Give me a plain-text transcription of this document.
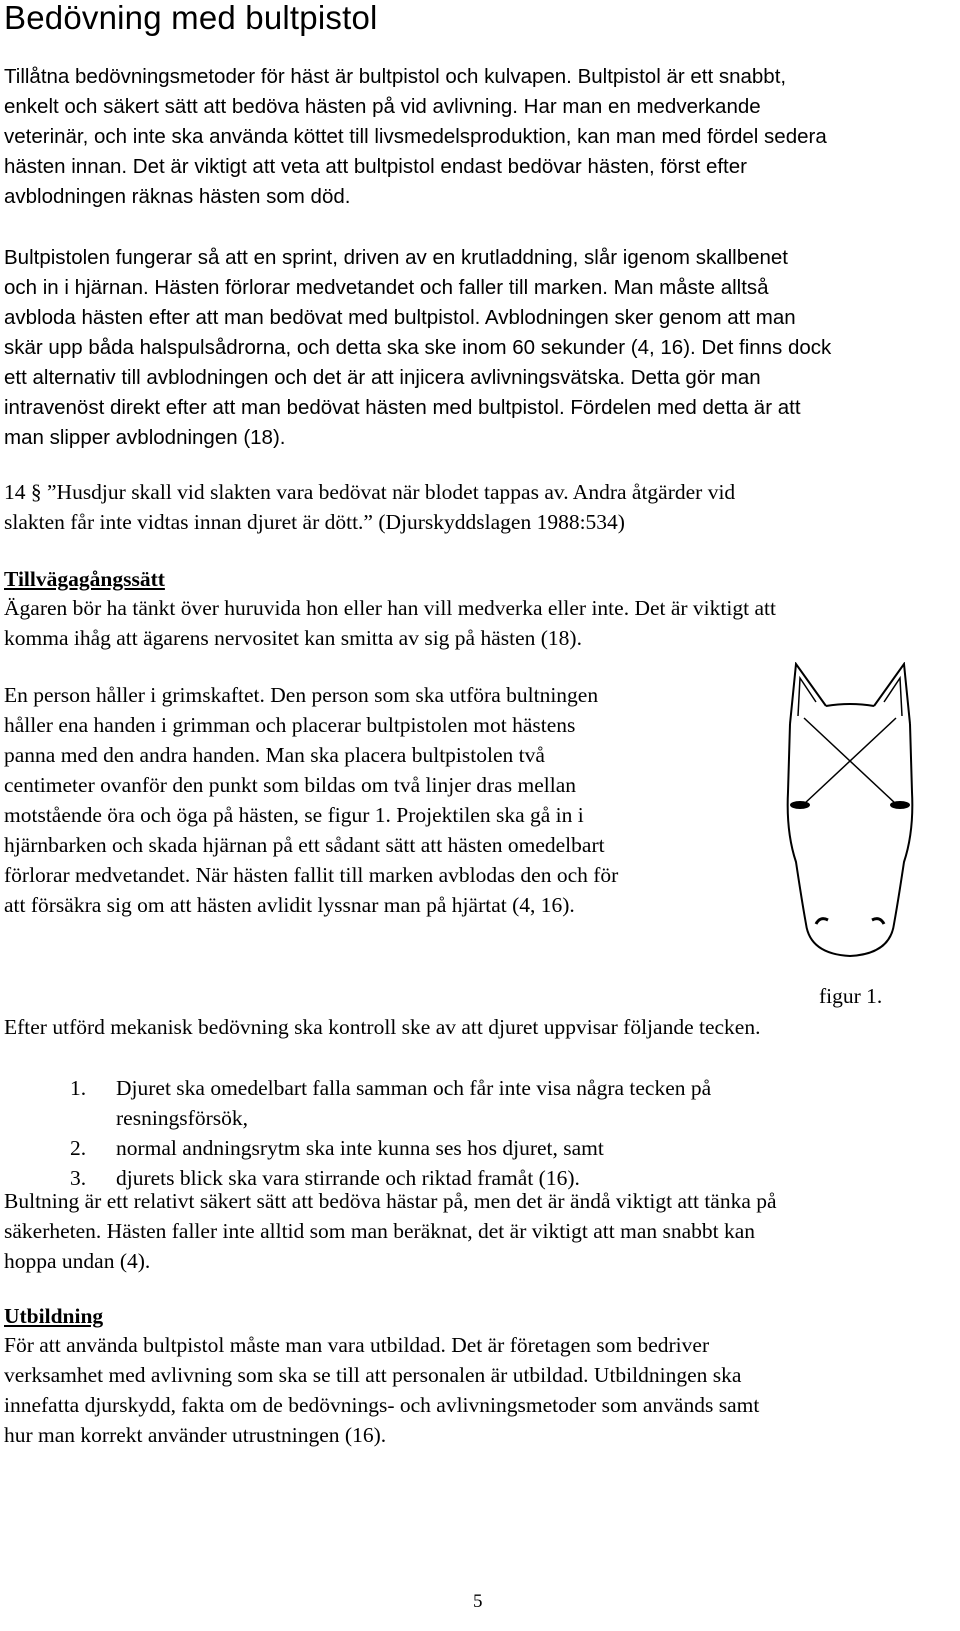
Bedövning med bultpistol
Tillåtna bedövningsmetoder för häst är bultpistol och kulvapen. Bultpistol är ett snabbt,
enkelt och säkert sätt att bedöva hästen på vid avlivning. Har man en medverkande
veterinär, och inte ska använda köttet till livsmedelsproduktion, kan man med fördel sedera
hästen innan. Det är viktigt att veta att bultpistol endast bedövar hästen, först efter
avblodningen räknas hästen som död.
Bultpistolen fungerar så att en sprint, driven av en krutladdning, slår igenom skallbenet
och in i hjärnan. Hästen förlorar medvetandet och faller till marken. Man måste alltså
avbloda hästen efter att man bedövat med bultpistol. Avblodningen sker genom att man
skär upp båda halspulsådrorna, och detta ska ske inom 60 sekunder (4, 16). Det finns dock
ett alternativ till avblodningen och det är att injicera avlivningsvätska. Detta gör man
intravenöst direkt efter att man bedövat hästen med bultpistol. Fördelen med detta är att
man slipper avblodningen (18).
14 § ”Husdjur skall vid slakten vara bedövat när blodet tappas av. Andra åtgärder vid
slakten får inte vidtas innan djuret är dött.” (Djurskyddslagen 1988:534)
Tillvägagångssätt
Ägaren bör ha tänkt över huruvida hon eller han vill medverka eller inte. Det är viktigt att
komma ihåg att ägarens nervositet kan smitta av sig på hästen (18).
En person håller i grimskaftet. Den person som ska utföra bultningen
håller ena handen i grimman och placerar bultpistolen mot hästens
panna med den andra handen. Man ska placera bultpistolen två
centimeter ovanför den punkt som bildas om två linjer dras mellan
motstående öra och öga på hästen, se figur 1. Projektilen ska gå in i
hjärnbarken och skada hjärnan på ett sådant sätt att hästen omedelbart
förlorar medvetandet. När hästen fallit till marken avblodas den och för
att försäkra sig om att hästen avlidit lyssnar man på hjärtat (4, 16).
figur 1.
Efter utförd mekanisk bedövning ska kontroll ske av att djuret uppvisar följande tecken.
1.	Djuret ska omedelbart falla samman och får inte visa några tecken på
resningsförsök,
2.	normal andningsrytm ska inte kunna ses hos djuret, samt
3.	djurets blick ska vara stirrande och riktad framåt (16).
Bultning är ett relativt säkert sätt att bedöva hästar på, men det är ändå viktigt att tänka på
säkerheten. Hästen faller inte alltid som man beräknat, det är viktigt att man snabbt kan
hoppa undan (4).
Utbildning
För att använda bultpistol måste man vara utbildad. Det är företagen som bedriver
verksamhet med avlivning som ska se till att personalen är utbildad. Utbildningen ska
innefatta djurskydd, fakta om de bedövnings- och avlivningsmetoder som används samt
hur man korrekt använder utrustningen (16).
5
